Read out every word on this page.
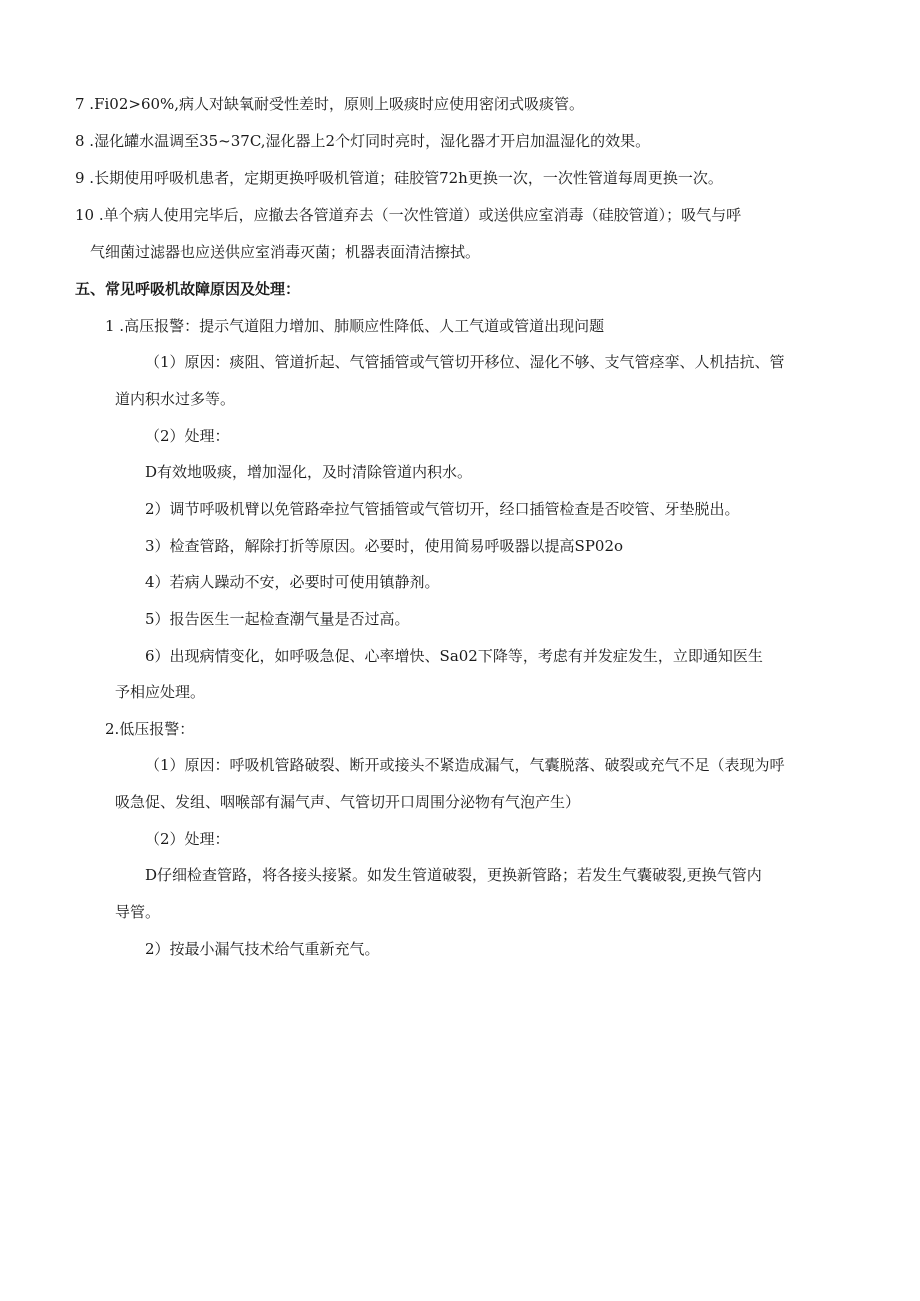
7 .Fi02>60%,病人对缺氧耐受性差时，原则上吸痰时应使用密闭式吸痰管。
8 .湿化罐水温调至35~37C,湿化器上2个灯同时亮时，湿化器才开启加温湿化的效果。
9 .长期使用呼吸机患者，定期更换呼吸机管道；硅胶管72h更换一次，一次性管道每周更换一次。
10 .单个病人使用完毕后，应撤去各管道弃去（一次性管道）或送供应室消毒（硅胶管道）；吸气与呼
气细菌过滤器也应送供应室消毒灭菌；机器表面清洁擦拭。
五、常见呼吸机故障原因及处理：
1 .高压报警：提示气道阻力增加、肺顺应性降低、人工气道或管道出现问题
（1）原因：痰阻、管道折起、气管插管或气管切开移位、湿化不够、支气管痉挛、人机拮抗、管
道内积水过多等。
（2）处理：
D有效地吸痰，增加湿化，及时清除管道内积水。
2）调节呼吸机臂以免管路牵拉气管插管或气管切开，经口插管检查是否咬管、牙垫脱出。
3）检查管路，解除打折等原因。必要时，使用简易呼吸器以提高SP02o
4）若病人躁动不安，必要时可使用镇静剂。
5）报告医生一起检查潮气量是否过高。
6）出现病情变化，如呼吸急促、心率增快、Sa02下降等，考虑有并发症发生，立即通知医生
予相应处理。
2.低压报警：
（1）原因：呼吸机管路破裂、断开或接头不紧造成漏气，气囊脱落、破裂或充气不足（表现为呼
吸急促、发组、咽喉部有漏气声、气管切开口周围分泌物有气泡产生）
（2）处理：
D仔细检查管路，将各接头接紧。如发生管道破裂，更换新管路；若发生气囊破裂,更换气管内
导管。
2）按最小漏气技术给气重新充气。
